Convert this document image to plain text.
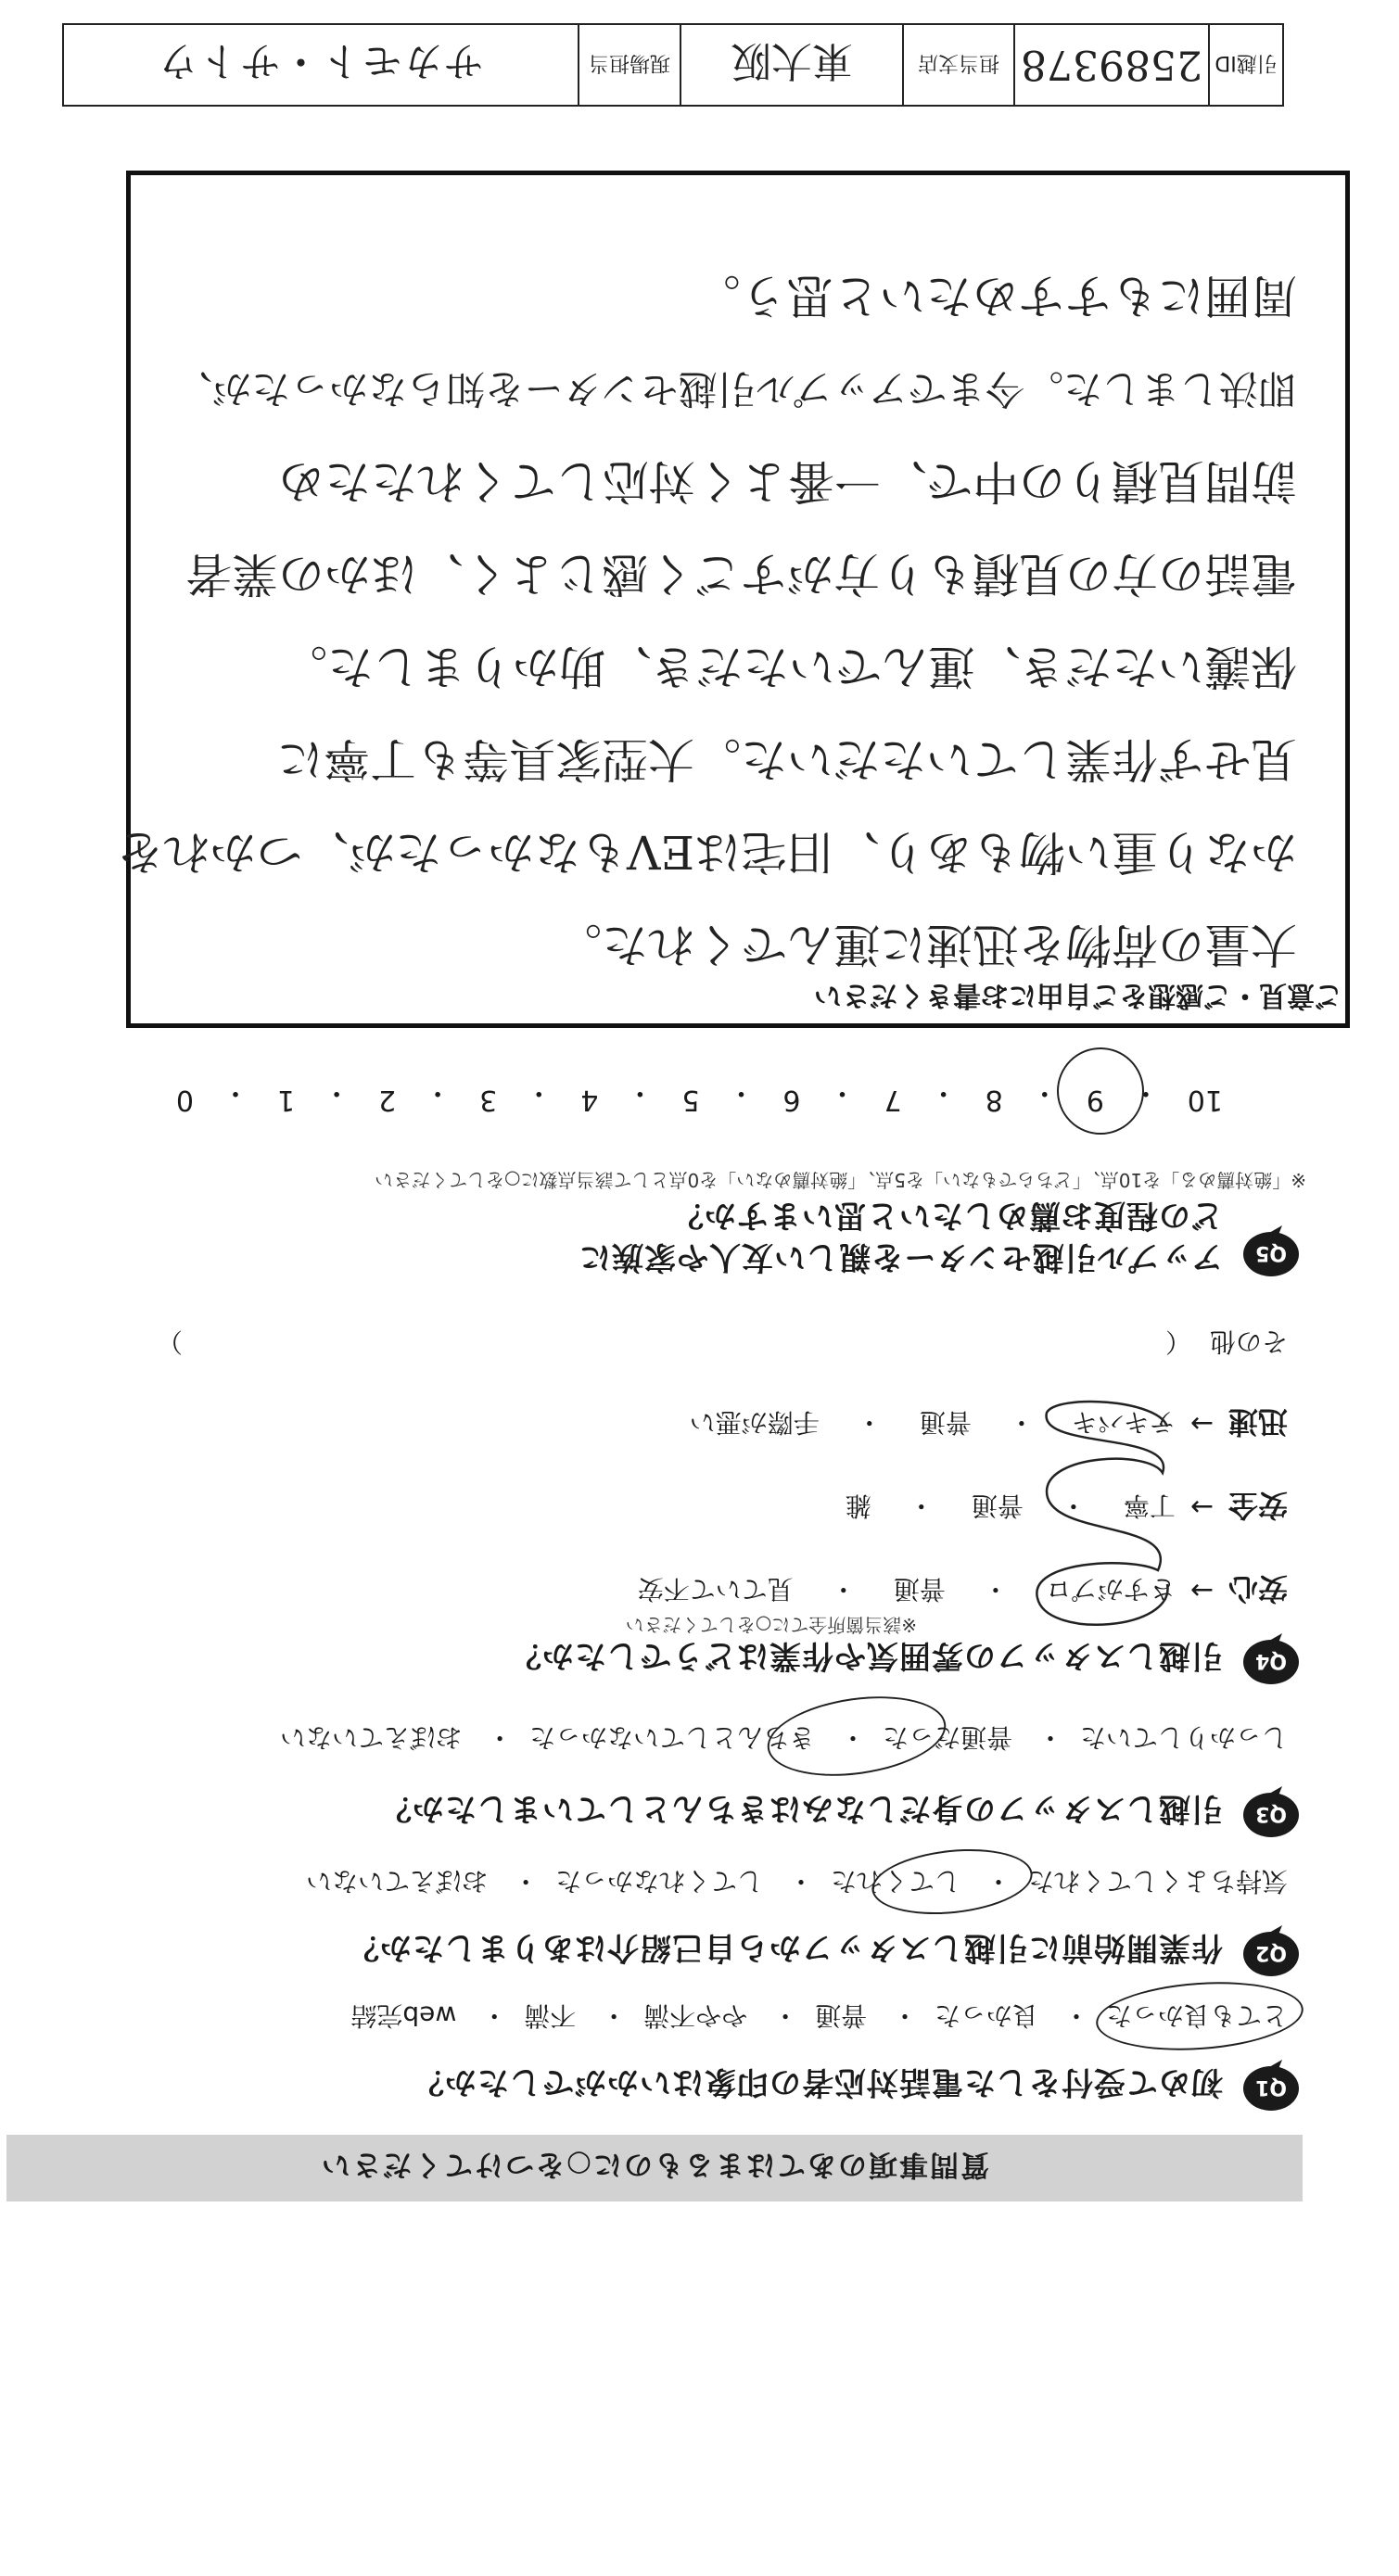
質問事項のあてはまるものに○をつけてください
Q1
初めて受付をした電話対応者の印象はいかがでしたか？
とても良かった・ 良かった・ 普通・ やや不満・ 不満・ web完結
Q2
作業開始前に引越しスタッフから自己紹介はありましたか？
気持ちよくしてくれた・ してくれた・ してくれなかった・ おぼえていない
Q3
引越しスタッフの身だしなみはきちんとしていましたか？
しっかりしていた・ 普通だった・ きちんとしていなかった・ おぼえていない
Q4
引越しスタッフの雰囲気や作業はどうでしたか？
※該当箇所全てに○をしてください
安心
→
さすがプロ
・
普通
・
見ていて不安
安全
→
丁寧
・
普通
・
雑
迅速
→
テキパキ
・
普通
・
手際が悪い
その他
（
）
Q5
アップル引越センターを親しい友人や家族に
どの程度お薦めしたいと思いますか？
※「絶対薦める」を10点、「どちらでもない」を5点、「絶対薦めない」を0点として該当点数に○をしてください
10
・
9
・
8
・
7
・
6
・
5
・
4
・
3
・
2
・
1
・
0
ご意見・ご感想をご自由にお書きください
大量の荷物を迅速に運んでくれた。
かなり重い物もあり、旧宅はEVもなかったが、つかれを
見せず作業していただいた。大型家具等も丁寧に
保護いただき、運んでいただき、助かりました。
電話の方の見積もり方がすごく感じよく、ほかの業者
訪問見積りの中で、一番よく対応してくれたため
即決しました。今までアップル引越センターを知らなかったが、
周囲にもすすめたいと思う。
引越ID
2589378
担当支店
東大阪
現場担当
サカモト・サトウ
